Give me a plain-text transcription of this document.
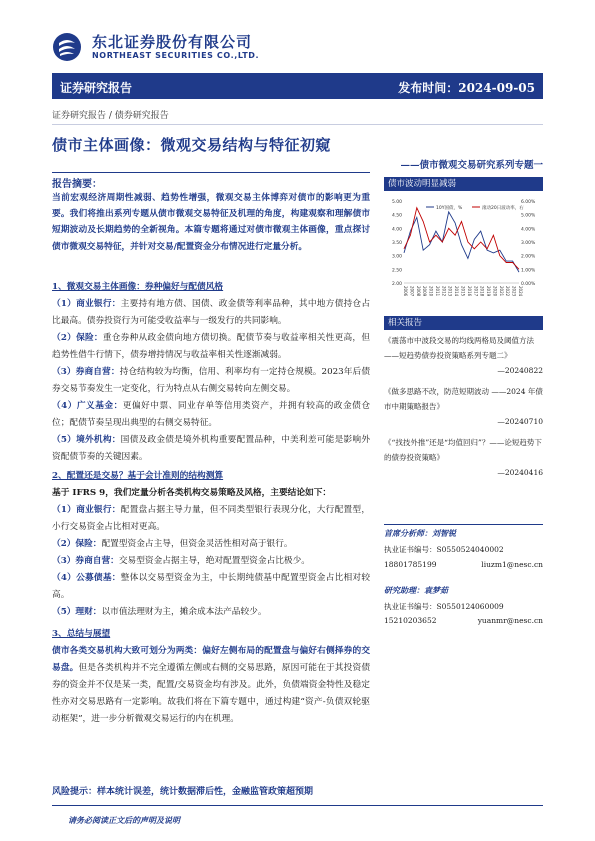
东北证券股份有限公司
NORTHEAST SECURITIES CO.,LTD.
证券研究报告	发布时间：2024-09-05
证券研究报告 / 债券研究报告
债市主体画像：微观交易结构与特征初窥
——债市微观交易研究系列专题一
报告摘要：
当前宏观经济周期性减弱、趋势性增强，微观交易主体博弈对债市的影响更为重要。我们将推出系列专题从债市微观交易特征及机理的角度，构建观察和理解债市短期波动及长期趋势的全新视角。本篇专题将通过对债市微观主体画像，重点探讨债市微观交易特征，并针对交易/配置资金分布情况进行定量分析。

1、微观交易主体画像：券种偏好与配债风格

（1）商业银行：主要持有地方债、国债、政金债等利率品种，其中地方债持仓占比最高。债券投资行为可能受收益率与一级发行的共同影响。

（2）保险：重仓券种从政金债向地方债切换。配债节奏与收益率相关性更高，但趋势性借牛行情下，债券增持情况与收益率相关性逐渐减弱。

（3）券商自营：持仓结构较为均衡，信用、利率均有一定持仓规模。2023年后债券交易节奏发生一定变化，行为特点从右侧交易转向左侧交易。

（4）广义基金：更偏好中票、同业存单等信用类资产，并拥有较高的政金债仓位；配债节奏呈现出典型的右侧交易特征。

（5）境外机构：国债及政金债是境外机构重要配置品种，中美利差可能是影响外资配债节奏的关键因素。

2、配置还是交易？基于会计准则的结构测算

基于 IFRS 9，我们定量分析各类机构交易策略及风格，主要结论如下：

（1）商业银行：配置盘占据主导力量，但不同类型银行表现分化，大行配置型，小行交易资金占比相对更高。

（2）保险：配置型资金占主导，但资金灵活性相对高于银行。

（3）券商自营：交易型资金占据主导，绝对配置型资金占比极少。

（4）公募债基：整体以交易型资金为主，中长期纯债基中配置型资金占比相对较高。

（5）理财：以市值法理财为主，摊余成本法产品较少。

3、总结与展望

债市各类交易机构大致可划分为两类：偏好左侧布局的配置盘与偏好右侧择券的交易盘。但是各类机构并不完全遵循左侧或右侧的交易思路，原因可能在于其投资债券的资金并不仅是某一类，配置/交易资金均有涉及。此外，负债端资金特性及稳定性亦对交易思路有一定影响。故我们将在下篇专题中，通过构建“资产-负债双轮驱动框架”，进一步分析微观交易运行的内在机理。

风险提示：样本统计误差，统计数据滞后性，金融监管政策超预期
请务必阅读正文后的声明及说明
债市波动明显减弱
5.00
4.50
4.00
3.50
3.00
2.50
2.00
6.00%
5.00%
4.00%
3.00%
2.00%
1.00%
0.00%
2006 2007 2008 2009 2010 2011 2012 2013 2014 2015 2016 2017 2018 2019 2020 2021 2022 2023 2024
10Y国债，%	滚动20日波动率，右
相关报告

《震荡市中波段交易的均线两格局及阈值方法——短趋势债券投资策略系列专题二》

—20240822

《做多思路不改，防范短期波动 ——2024 年债市中期策略报告》

—20240710

《“找技外推”还是“均值回归”？——论短趋势下的债券投资策略》

—20240416

首席分析师：刘智锐
执业证书编号：S0550524040002
18801785199	liuzm1@nesc.cn
研究助理：袁梦茹
执业证书编号：S0550124060009
15210203652	yuanmr@nesc.cn
